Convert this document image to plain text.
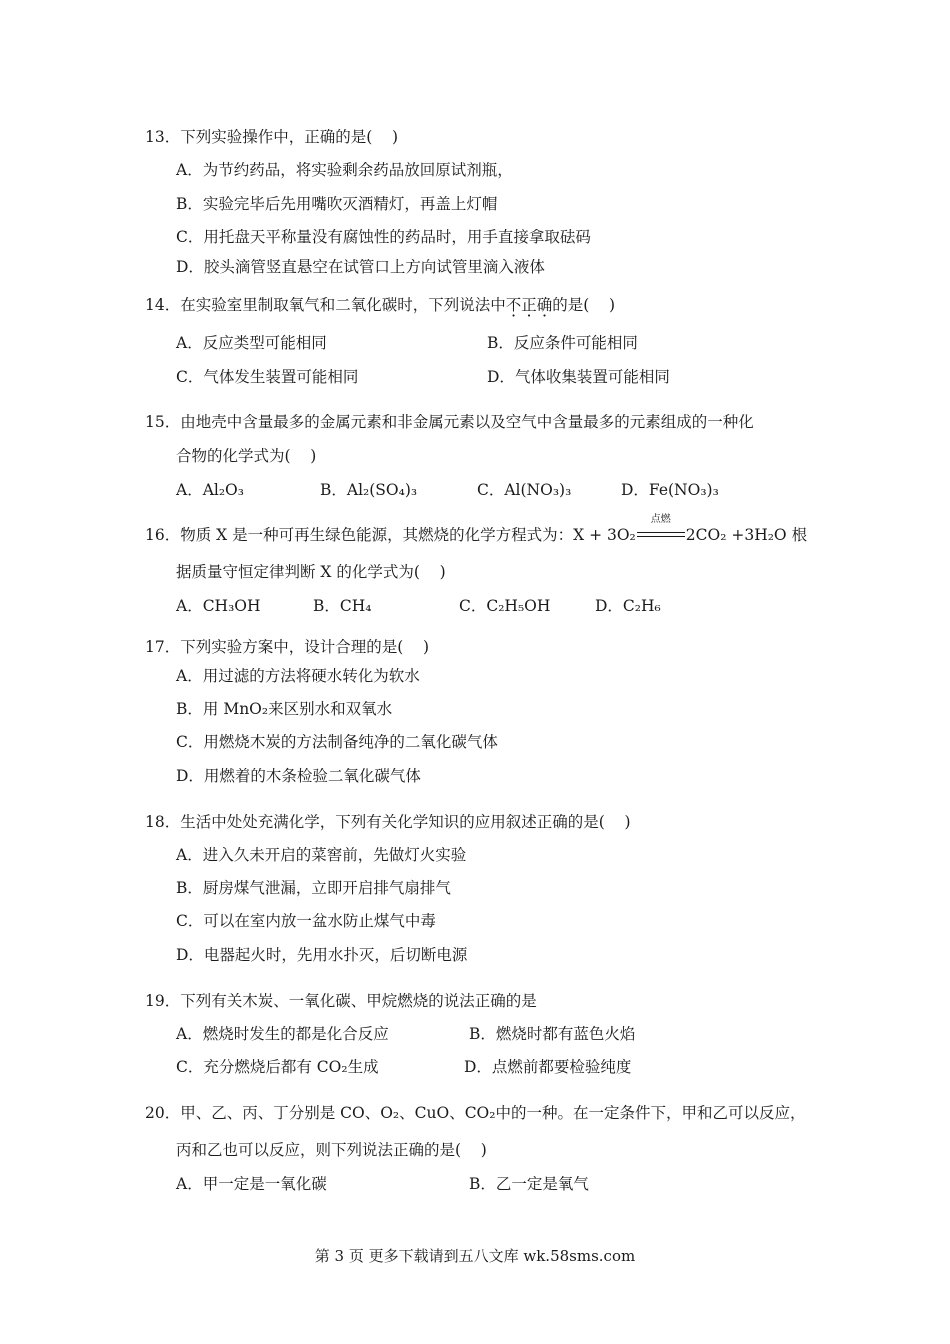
13．下列实验操作中，正确的是(    )
A．为节约药品，将实验剩余药品放回原试剂瓶，
B．实验完毕后先用嘴吹灭酒精灯，再盖上灯帽
C．用托盘天平称量没有腐蚀性的药品时，用手直接拿取砝码
D．胶头滴管竖直悬空在试管口上方向试管里滴入液体
14．在实验室里制取氧气和二氧化碳时，下列说法中不正确的是(    )
A．反应类型可能相同	B．反应条件可能相同
C．气体发生装置可能相同	D．气体收集装置可能相同
15．由地壳中含量最多的金属元素和非金属元素以及空气中含量最多的元素组成的一种化
合物的化学式为(    )
A．Al₂O₃	B．Al₂(SO₄)₃	C．Al(NO₃)₃	D．Fe(NO₃)₃
16．物质 X 是一种可再生绿色能源，其燃烧的化学方程式为：X + 3O₂
点燃
2CO₂ +3H₂O 根
据质量守恒定律判断 X 的化学式为(    )
A．CH₃OH	B．CH₄	C．C₂H₅OH	D．C₂H₆
17．下列实验方案中，设计合理的是(    )
A．用过滤的方法将硬水转化为软水
B．用 MnO₂来区别水和双氧水
C．用燃烧木炭的方法制备纯净的二氧化碳气体
D．用燃着的木条检验二氧化碳气体
18．生活中处处充满化学，下列有关化学知识的应用叙述正确的是(    )
A．进入久未开启的菜窖前，先做灯火实验
B．厨房煤气泄漏，立即开启排气扇排气
C．可以在室内放一盆水防止煤气中毒
D．电器起火时，先用水扑灭，后切断电源
19．下列有关木炭、一氧化碳、甲烷燃烧的说法正确的是
A．燃烧时发生的都是化合反应	B．燃烧时都有蓝色火焰
C．充分燃烧后都有 CO₂生成	D．点燃前都要检验纯度
20．甲、乙、丙、丁分别是 CO、O₂、CuO、CO₂中的一种。在一定条件下，甲和乙可以反应，
丙和乙也可以反应，则下列说法正确的是(    )
A．甲一定是一氧化碳	B．乙一定是氧气
第 3 页 更多下载请到五八文库 wk.58sms.com
